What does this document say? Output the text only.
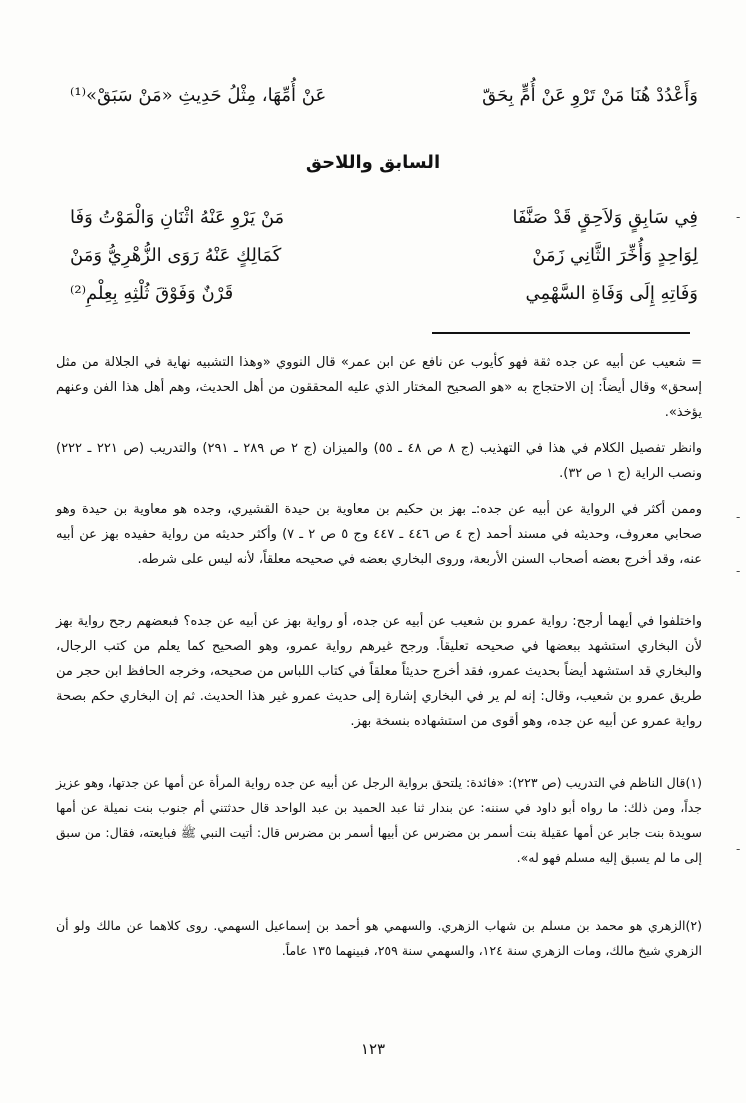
وَأَعْدُدْ هُنَا مَنْ تَرْوِ عَنْ أُمٍّ بِحَقّ
عَنْ أُمِّهَا، مِثْلُ حَدِيثِ «مَنْ سَبَقْ»⁽¹⁾
السابق واللاحق
فِي سَابِقٍ وَلاَحِقٍ قَدْ صَنَّفَا
مَنْ يَرْوِ عَنْهُ اثْنَانِ وَالْمَوْتُ وَفَا
لِوَاحِدٍ وَأُخِّرَ الثَّانِي زَمَنْ
كَمَالِكٍ عَنْهُ رَوَى الزُّهْرِيُّ وَمَنْ
وَفَاتِهِ إِلَى وَفَاةِ السَّهْمِي
قَرْنٌ وَفَوْقَ ثُلْثِهِ بِعِلْمِ⁽²⁾

= شعيب عن أبيه عن جده ثقة فهو كأيوب عن نافع عن ابن عمر» قال النووي «وهذا التشبيه نهاية في الجلالة من مثل إسحق» وقال أيضاً: إن الاحتجاج به «هو الصحيح المختار الذي عليه المحققون من أهل الحديث، وهم أهل هذا الفن وعنهم يؤخذ».

وانظر تفصيل الكلام في هذا في التهذيب (ج ٨ ص ٤٨ ـ ٥٥) والميزان (ج ٢ ص ٢٨٩ ـ ٢٩١) والتدريب (ص ٢٢١ ـ ٢٢٢) ونصب الراية (ج ١ ص ٣٢).

وممن أكثر في الرواية عن أبيه عن جده:ـ بهز بن حكيم بن معاوية بن حيدة القشيري، وجده هو معاوية بن حيدة وهو صحابي معروف، وحديثه في مسند أحمد (ج ٤ ص ٤٤٦ ـ ٤٤٧ وج ٥ ص ٢ ـ ٧) وأكثر حديثه من رواية حفيده بهز عن أبيه عنه، وقد أخرج بعضه أصحاب السنن الأربعة، وروى البخاري بعضه في صحيحه معلقاً، لأنه ليس على شرطه.

واختلفوا في أيهما أرجح: رواية عمرو بن شعيب عن أبيه عن جده، أو رواية بهز عن أبيه عن جده؟ فبعضهم رجح رواية بهز لأن البخاري استشهد ببعضها في صحيحه تعليقاً. ورجح غيرهم رواية عمرو، وهو الصحيح كما يعلم من كتب الرجال، والبخاري قد استشهد أيضاً بحديث عمرو، فقد أخرج حديثاً معلقاً في كتاب اللباس من صحيحه، وخرجه الحافظ ابن حجر من طريق عمرو بن شعيب، وقال: إنه لم ير في البخاري إشارة إلى حديث عمرو غير هذا الحديث. ثم إن البخاري حكم بصحة رواية عمرو عن أبيه عن جده، وهو أقوى من استشهاده بنسخة بهز.

(١)قال الناظم في التدريب (ص ٢٢٣): «فائدة: يلتحق برواية الرجل عن أبيه عن جده رواية المرأة عن أمها عن جدتها، وهو عزيز جداً، ومن ذلك: ما رواه أبو داود في سننه: عن بندار ثنا عبد الحميد بن عبد الواحد قال حدثتني أم جنوب بنت نميلة عن أمها سويدة بنت جابر عن أمها عقيلة بنت أسمر بن مضرس عن أبيها أسمر بن مضرس قال: أتيت النبي ﷺ فبايعته، فقال: من سبق إلى ما لم يسبق إليه مسلم فهو له».

(٢)الزهري هو محمد بن مسلم بن شهاب الزهري. والسهمي هو أحمد بن إسماعيل السهمي. روى كلاهما عن مالك ولو أن الزهري شيخ مالك، ومات الزهري سنة ١٢٤، والسهمي سنة ٢٥٩، فبينهما ١٣٥ عاماً.

١٢٣
-
-
-
-
